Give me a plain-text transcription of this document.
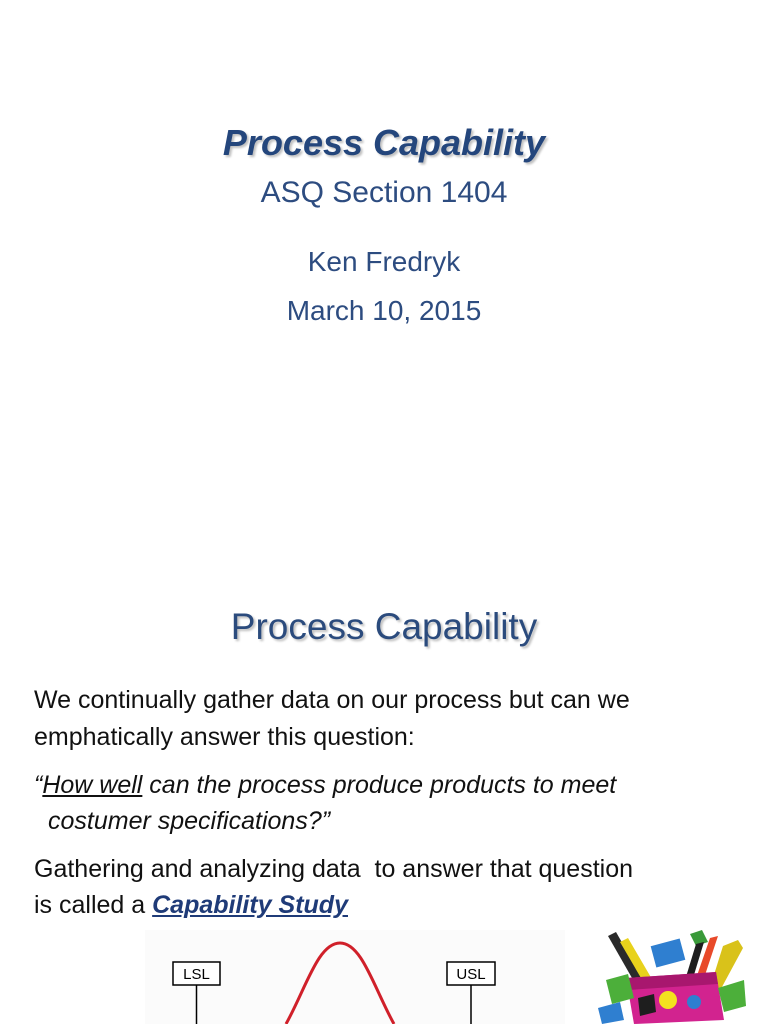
Process Capability
ASQ Section 1404
Ken Fredryk
March 10, 2015
Process Capability
We continually gather data on our process but can we
emphatically answer this question:
“How well can the process produce products to meet
costumer specifications?”
Gathering and analyzing data  to answer that question
is called a Capability Study
LSL	USL
